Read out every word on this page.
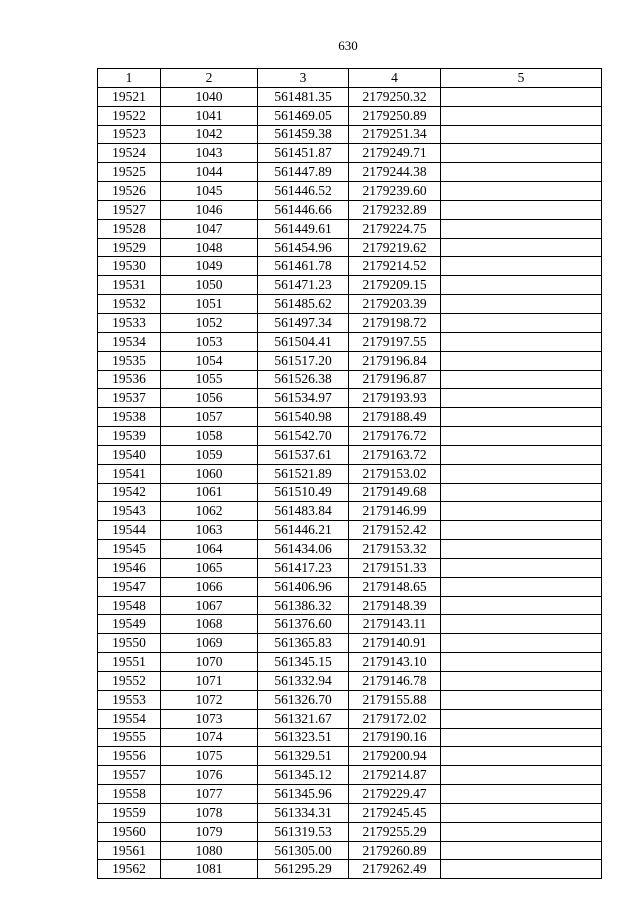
630
1	2	3	4	5
19521	1040	561481.35	2179250.32	
19522	1041	561469.05	2179250.89	
19523	1042	561459.38	2179251.34	
19524	1043	561451.87	2179249.71	
19525	1044	561447.89	2179244.38	
19526	1045	561446.52	2179239.60	
19527	1046	561446.66	2179232.89	
19528	1047	561449.61	2179224.75	
19529	1048	561454.96	2179219.62	
19530	1049	561461.78	2179214.52	
19531	1050	561471.23	2179209.15	
19532	1051	561485.62	2179203.39	
19533	1052	561497.34	2179198.72	
19534	1053	561504.41	2179197.55	
19535	1054	561517.20	2179196.84	
19536	1055	561526.38	2179196.87	
19537	1056	561534.97	2179193.93	
19538	1057	561540.98	2179188.49	
19539	1058	561542.70	2179176.72	
19540	1059	561537.61	2179163.72	
19541	1060	561521.89	2179153.02	
19542	1061	561510.49	2179149.68	
19543	1062	561483.84	2179146.99	
19544	1063	561446.21	2179152.42	
19545	1064	561434.06	2179153.32	
19546	1065	561417.23	2179151.33	
19547	1066	561406.96	2179148.65	
19548	1067	561386.32	2179148.39	
19549	1068	561376.60	2179143.11	
19550	1069	561365.83	2179140.91	
19551	1070	561345.15	2179143.10	
19552	1071	561332.94	2179146.78	
19553	1072	561326.70	2179155.88	
19554	1073	561321.67	2179172.02	
19555	1074	561323.51	2179190.16	
19556	1075	561329.51	2179200.94	
19557	1076	561345.12	2179214.87	
19558	1077	561345.96	2179229.47	
19559	1078	561334.31	2179245.45	
19560	1079	561319.53	2179255.29	
19561	1080	561305.00	2179260.89	
19562	1081	561295.29	2179262.49	
